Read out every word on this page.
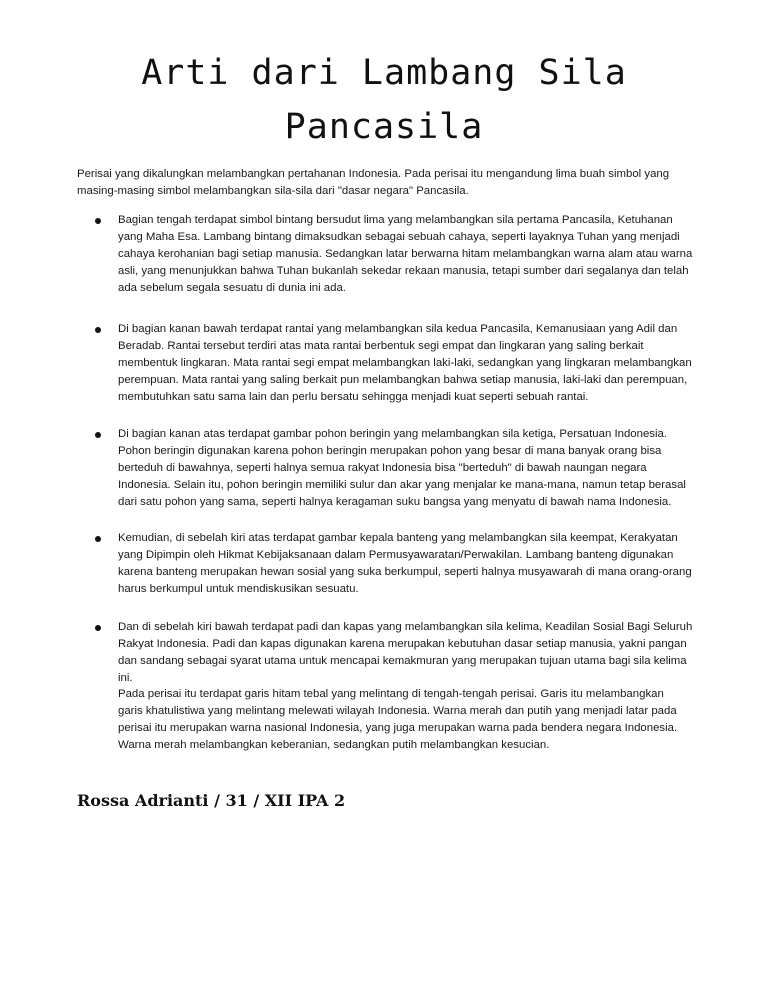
Arti dari Lambang Sila Pancasila

Perisai yang dikalungkan melambangkan pertahanan Indonesia. Pada perisai itu mengandung lima buah simbol yang masing-masing simbol melambangkan sila-sila dari "dasar negara" Pancasila.

Bagian tengah terdapat simbol bintang bersudut lima yang melambangkan sila pertama Pancasila, Ketuhanan yang Maha Esa. Lambang bintang dimaksudkan sebagai sebuah cahaya, seperti layaknya Tuhan yang menjadi cahaya kerohanian bagi setiap manusia. Sedangkan latar berwarna hitam melambangkan warna alam atau warna asli, yang menunjukkan bahwa Tuhan bukanlah sekedar rekaan manusia, tetapi sumber dari segalanya dan telah ada sebelum segala sesuatu di dunia ini ada.

Di bagian kanan bawah terdapat rantai yang melambangkan sila kedua Pancasila, Kemanusiaan yang Adil dan Beradab. Rantai tersebut terdiri atas mata rantai berbentuk segi empat dan lingkaran yang saling berkait membentuk lingkaran. Mata rantai segi empat melambangkan laki-laki, sedangkan yang lingkaran melambangkan perempuan. Mata rantai yang saling berkait pun melambangkan bahwa setiap manusia, laki-laki dan perempuan, membutuhkan satu sama lain dan perlu bersatu sehingga menjadi kuat seperti sebuah rantai.

Di bagian kanan atas terdapat gambar pohon beringin yang melambangkan sila ketiga, Persatuan Indonesia. Pohon beringin digunakan karena pohon beringin merupakan pohon yang besar di mana banyak orang bisa berteduh di bawahnya, seperti halnya semua rakyat Indonesia bisa "berteduh" di bawah naungan negara Indonesia. Selain itu, pohon beringin memiliki sulur dan akar yang menjalar ke mana-mana, namun tetap berasal dari satu pohon yang sama, seperti halnya keragaman suku bangsa yang menyatu di bawah nama Indonesia.

Kemudian, di sebelah kiri atas terdapat gambar kepala banteng yang melambangkan sila keempat, Kerakyatan yang Dipimpin oleh Hikmat Kebijaksanaan dalam Permusyawaratan/Perwakilan. Lambang banteng digunakan karena banteng merupakan hewan sosial yang suka berkumpul, seperti halnya musyawarah di mana orang-orang harus berkumpul untuk mendiskusikan sesuatu.

Dan di sebelah kiri bawah terdapat padi dan kapas yang melambangkan sila kelima, Keadilan Sosial Bagi Seluruh Rakyat Indonesia. Padi dan kapas digunakan karena merupakan kebutuhan dasar setiap manusia, yakni pangan dan sandang sebagai syarat utama untuk mencapai kemakmuran yang merupakan tujuan utama bagi sila kelima ini.

Pada perisai itu terdapat garis hitam tebal yang melintang di tengah-tengah perisai. Garis itu melambangkan garis khatulistiwa yang melintang melewati wilayah Indonesia. Warna merah dan putih yang menjadi latar pada perisai itu merupakan warna nasional Indonesia, yang juga merupakan warna pada bendera negara Indonesia. Warna merah melambangkan keberanian, sedangkan putih melambangkan kesucian.

Rossa Adrianti / 31 / XII IPA 2
